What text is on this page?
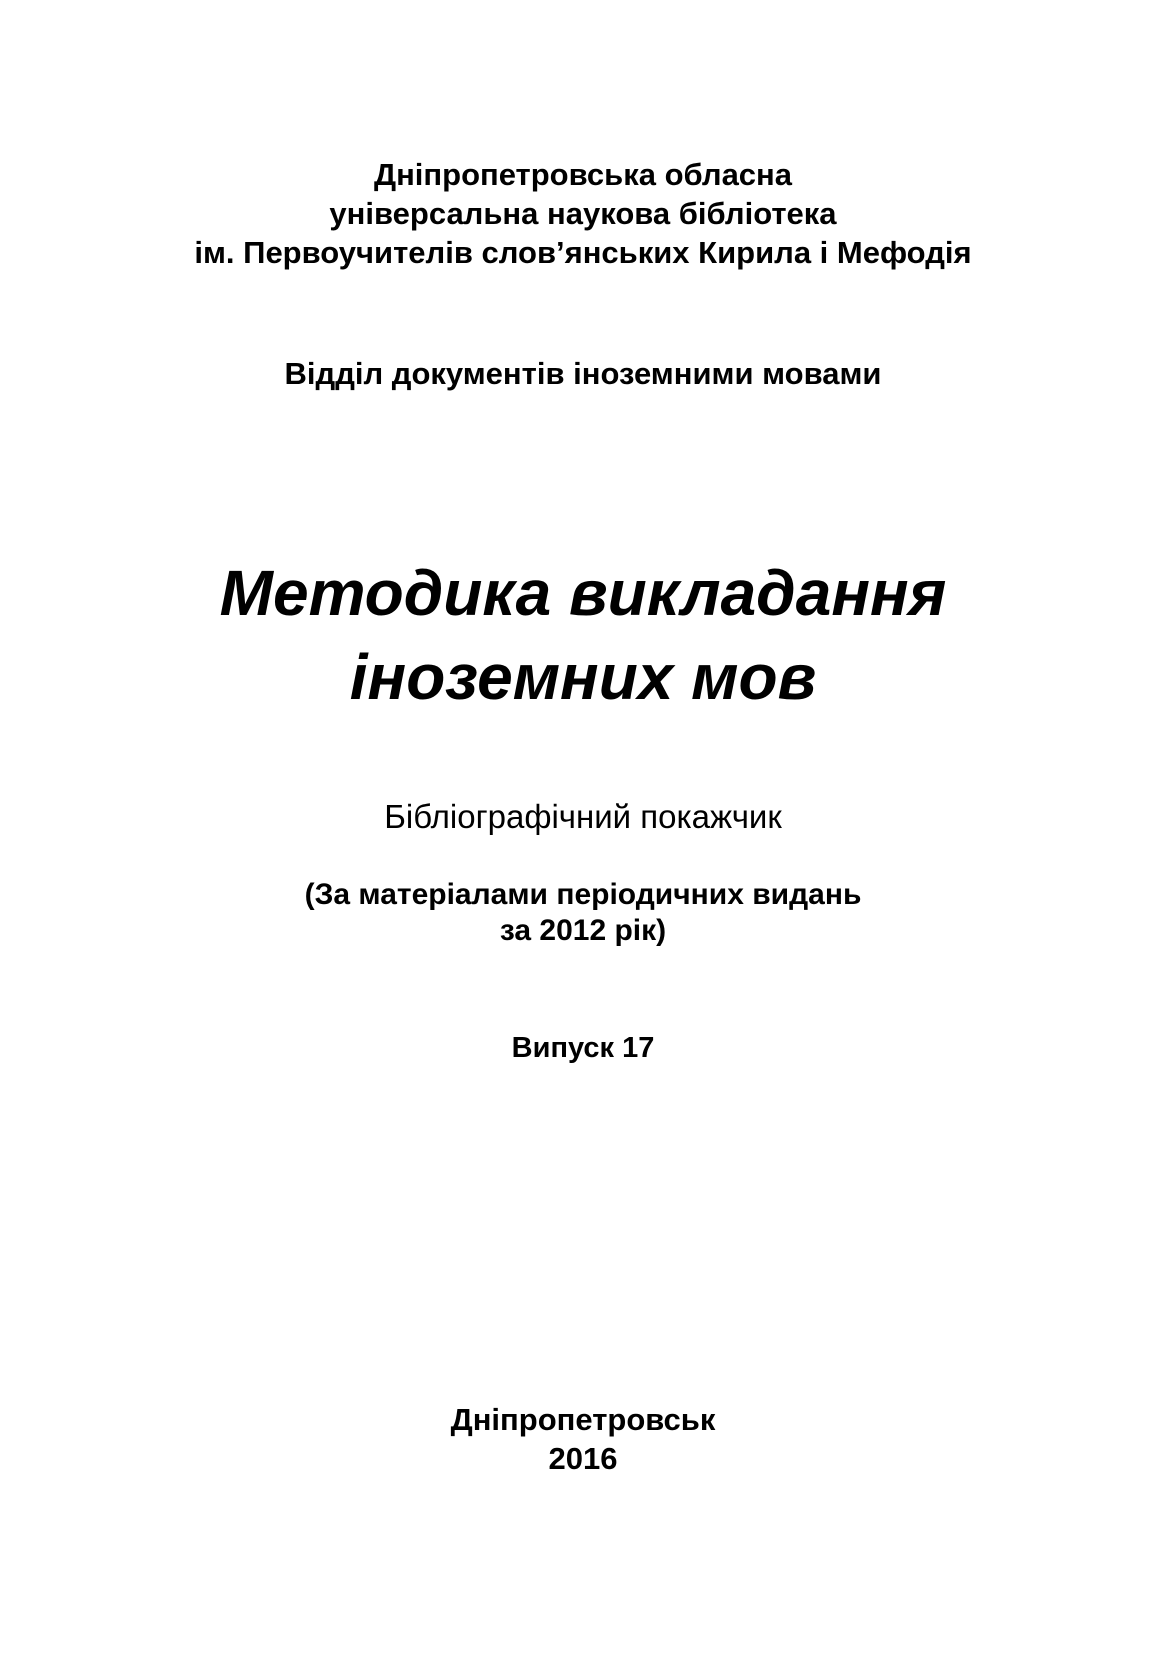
Дніпропетровська обласна
універсальна наукова бібліотека
ім. Первоучителів слов’янських Кирила і Мефодія
Відділ документів іноземними мовами
Методика викладання
іноземних мов
Бібліографічний покажчик
(За матеріалами періодичних видань
за 2012 рік)
Випуск 17
Дніпропетровськ
2016
